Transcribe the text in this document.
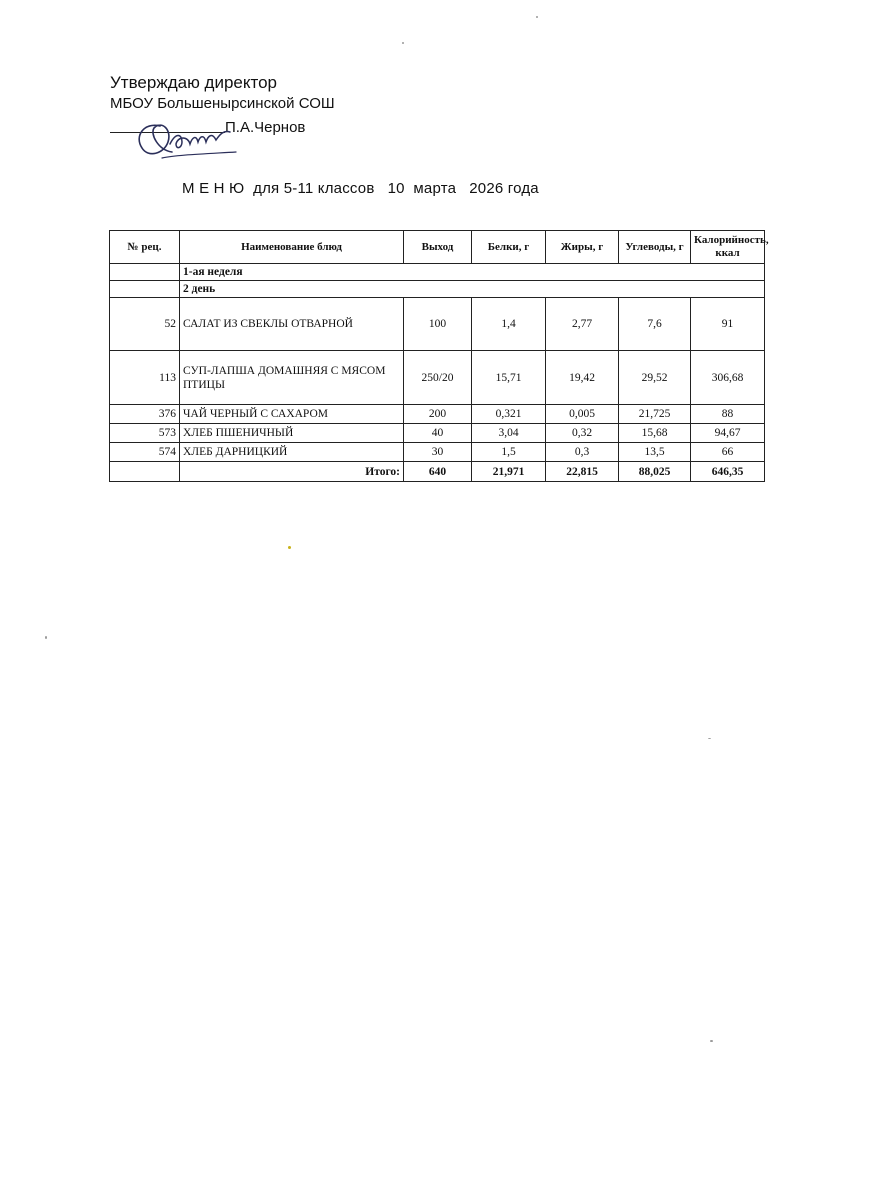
Утверждаю директор
МБОУ Большенырсинской СОШ
П.А.Чернов
М Е Н Ю  для 5-11 классов   10  марта   2026 года
№ рец.	Наименование блюд	Выход	Белки, г	Жиры, г	Углеводы, г	Калорийность, ккал
	1-ая неделя					
	2 день					
52	САЛАТ ИЗ СВЕКЛЫ ОТВАРНОЙ	100	1,4	2,77	7,6	91
113	СУП-ЛАПША ДОМАШНЯЯ С МЯСОМ ПТИЦЫ	250/20	15,71	19,42	29,52	306,68
376	ЧАЙ ЧЕРНЫЙ С САХАРОМ	200	0,321	0,005	21,725	88
573	ХЛЕБ ПШЕНИЧНЫЙ	40	3,04	0,32	15,68	94,67
574	ХЛЕБ ДАРНИЦКИЙ	30	1,5	0,3	13,5	66
	Итого:	640	21,971	22,815	88,025	646,35
